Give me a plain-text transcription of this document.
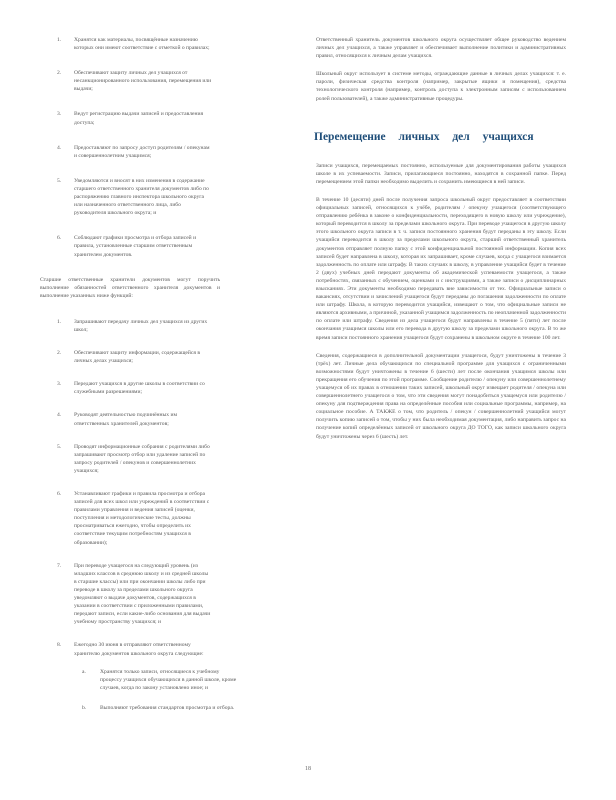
1. Хранятся как материалы, посвящённые назначению которых они имеют соответствие с отметкой о правилах;
2. Обеспечивают защиту личных дел учащихся от несанкционированного использования, перемещения или выдачи;
3. Ведут регистрацию выдачи записей и предоставления доступа;
4. Предоставляют по запросу доступ родителям / опекунам и совершеннолетним учащимся;
5. Уведомляются и вносят в них изменения в содержание старшего ответственного хранителя документов либо по распоряжению главного инспектора школьного округа или назначенного ответственного лица, либо руководителя школьного округа; и
6. Соблюдают графики просмотра и отбора записей и правила, установленные старшим ответственным хранителем документов.

Старшие ответственные хранители документов могут поручить выполнение обязанностей ответственного хранителя документов и выполнение указанных ниже функций:

1. Запрашивают передачу личных дел учащихся из других школ;
2. Обеспечивают защиту информации, содержащейся в личных делах учащихся;
3. Передают учащихся в другие школы в соответствии со служебными разрешениями;
4. Руководят деятельностью подчинённых им ответственных хранителей документов;
5. Проводят информационные собрания с родителями либо запрашивают просмотр отбор или удаление записей по запросу родителей / опекунов и совершеннолетних учащихся;
6. Устанавливают графики и правила просмотра и отбора записей для всех школ или учреждений в соответствии с правилами управления и ведения записей (оценки, поступления и методологические тесты, должны просматриваться ежегодно, чтобы определить их соответствие текущим потребностям учащихся в образовании);
7. При переводе учащегося на следующий уровень (из младших классов в среднюю школу и из средней школы в старшие классы) или при окончании школы либо при переводе в школу за пределами школьного округа уведомляют о выдаче документов, содержащихся в указании в соответствии с приложенными правилами, передают записи, если какие-либо основания для выдачи учебному пространству учащихся; и
8. Ежегодно 30 июня в отправляют ответственному хранителю документов школьного округа следующие:
a.	Хранятся только записи, относящиеся к учебному процессу учащихся обучающихся в данной школе, кроме случаев, когда по закону установлено иное; и
b. Выполняют требования стандартов просмотра и отбора.

Ответственный хранитель документов школьного округа осуществляет общее руководство ведением личных дел учащихся, а также управляет и обеспечивает выполнение политики и административных правил, относящихся к личным делам учащихся.

Школьный округ использует в системе методы, ограждающие данные в личных делах учащихся: т. е. пароли, физическая средства контроля (например, закрытые ящики и помещения), средства технологического контроля (например, контроль доступа к электронным записям с использованием ролей пользователей), а также административные процедуры.

Перемещение личных дел учащихся

Записи учащихся, перемещаемых постоянно, используемые для документирования работы учащихся школе в их успеваемости. Записи, прилагающиеся постоянно, находятся в сохранной папке. Перед перемещением этой папки необходимо выделить и сохранить имеющиеся в ней записи.

В течение 10 (десяти) дней после получения запроса школьный округ предоставляет в соответствии официальных записей, относящихся к учёбе, родителям / опекуну учащегося (соответствующего отправлению ребёнка в законе о конфиденциальности, переходящего в новую школу или учреждение), который переводится в школу за пределами школьного округа. При переводе учащегося в другую школу этого школьного округа записи в т. ч. записи постоянного хранения будут переданы в эту школу. Если учащийся переводится в школу за пределами школьного округа, старший ответственный хранитель документов отправляет полную папку с этой конфиденциальной постоянной информации. Копия всех записей будет направлена в школу, которая их запрашивает, кроме случаев, когда с учащегося взимается задолженность по оплате или штрафу. В таких случаях в школу, в управление учащийся будет в течение 2 (двух) учебных дней передают документы об академической успеваемости учащегося, а также потребностях, связанных с обучением, оценками и с инструкциями, а также записи о дисциплинарных взысканиях. Эти документы необходимо передавать вне зависимости от тех. Официальные записи о вакансиях, отсутствии и зачислений учащегося будут переданы до погашения задолженности по оплате или штрафу. Школа, в которую переводится учащийся, извещают о том, что официальные записи не являются архивными, а причиной, указанной учащимся задолженность по неоплаченной задолженности по оплате или штрафу. Сведения из дела учащегося будут направлены в течение 5 (пяти) лет после окончания учащимся школы или его перевода в другую школу за пределами школьного округа. В то же время записи постоянного хранения учащегося будут сохранены в школьном округе в течение 100 лет.

Сведения, содержащиеся в дополнительной документации учащегося, будут уничтожены в течение 3 (трёх) лет. Личные дела обучающихся по специальной программе для учащихся с ограниченными возможностями будут уничтожены в течение 6 (шести) лет после окончания учащимся школы или прекращения его обучения по этой программе. Сообщение родителю / опекуну или совершеннолетнему учащемуся об их правах в отношении таких записей, школьный округ извещает родителя / опекуна или совершеннолетнего учащегося о том, что эти сведения могут понадобиться учащемуся или родителю / опекуну для подтверждения права на определённые пособия или социальные программы, например, на социальное пособие. А ТАКЖЕ о том, что родитель / опекун / совершеннолетний учащийся могут получить копию записей о том, чтобы у них была необходимая документация, либо направить запрос на получение копий определённых записей от школьного округа ДО ТОГО, как записи школьного округа будут уничтожены через 6 (шесть) лет.

18
